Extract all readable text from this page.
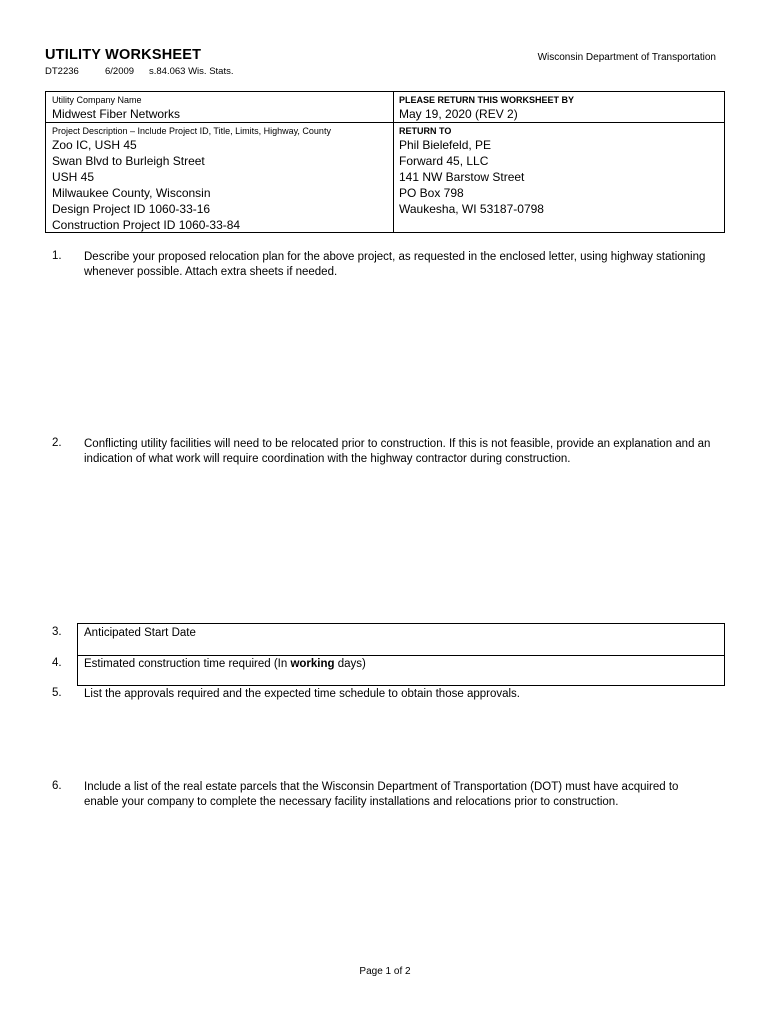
UTILITY WORKSHEET	Wisconsin Department of Transportation
DT2236	6/2009 s.84.063 Wis. Stats.
Utility Company Name
Midwest Fiber Networks
PLEASE RETURN THIS WORKSHEET BY
May 19, 2020 (REV 2)
Project Description – Include Project ID, Title, Limits, Highway, County
Zoo IC, USH 45
Swan Blvd to Burleigh Street
USH 45
Milwaukee County, Wisconsin
Design Project ID 1060-33-16
Construction Project ID 1060-33-84
RETURN TO
Phil Bielefeld, PE
Forward 45, LLC
141 NW Barstow Street
PO Box 798
Waukesha, WI 53187-0798
1. Describe your proposed relocation plan for the above project, as requested in the enclosed letter, using highway stationing whenever possible. Attach extra sheets if needed.
2. Conflicting utility facilities will need to be relocated prior to construction. If this is not feasible, provide an explanation and an indication of what work will require coordination with the highway contractor during construction.
3. Anticipated Start Date
4. Estimated construction time required (In working days)
5. List the approvals required and the expected time schedule to obtain those approvals.
6. Include a list of the real estate parcels that the Wisconsin Department of Transportation (DOT) must have acquired to enable your company to complete the necessary facility installations and relocations prior to construction.
Page 1 of 2
